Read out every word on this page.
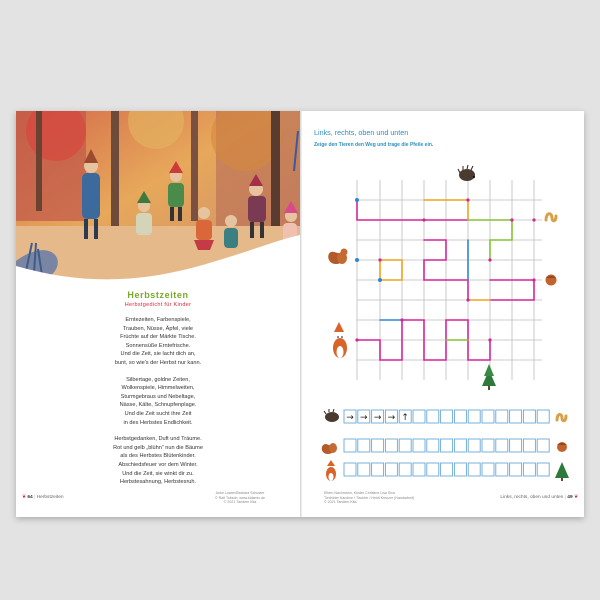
Herbstzeiten
Herbstgedicht für Kinder
Erntezeiten, Farbenspiele,
Trauben, Nüsse, Äpfel, viele
Früchte auf der Märkte Tische.
Sonnensüße Erntefrische.
Und die Zeit, sie lacht dich an,
bunt, so wie's der Herbst nur kann.
Silbertage, goldne Zeiten,
Wolkenspiele, Himmelweiten,
Sturmgebraus und Nebeltage,
Nässe, Kälte, Schnupfenplage.
Und die Zeit sucht ihre Zeit
in des Herbstes Endlichkeit.
Herbstgedanken, Duft und Träume.
Rot und gelb „blühn“ nun die Bäume
als des Herbstes Blütenkinder.
Abschiedsfeuer vor dem Winter.
Und die Zeit, sie winkt dir zu.
Herbstesahnung, Herbstesruh.
❦ 64 | Herbstzeiten
Anke Lowen/Barbara Schuster
© Ralf Tobsch: www.kidsmix.de
© 2021 Tandem Kita
Links, rechts, oben und unten
Zeige den Tieren den Weg und trage die Pfeile ein.
→ → → → ↑
Eltern Nachmann, Kinder Christine Lisa Sica
Tierbilder Karoline / Tischler / Heidi Kreuzer (Handarbeit)
© 2021 Tandem Kita
Links, rechts, oben und unten | 49 ❦
